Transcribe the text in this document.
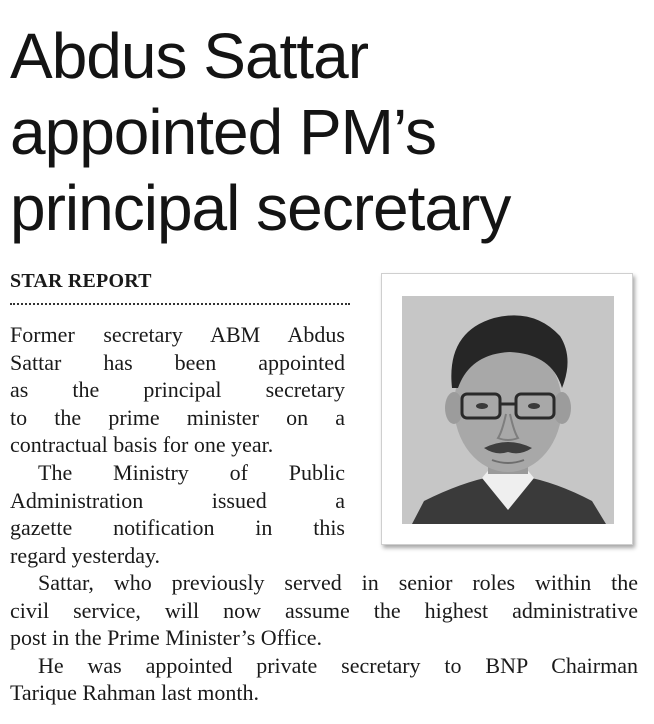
Abdus Sattar
appointed PM’s
principal secretary
STAR REPORT
Former secretary ABM Abdus
Sattar has been appointed
as the principal secretary
to the prime minister on a
contractual basis for one year.
The Ministry of Public
Administration issued a
gazette notification in this
regard yesterday.
Sattar, who previously served in senior roles within the
civil service, will now assume the highest administrative
post in the Prime Minister’s Office.
He was appointed private secretary to BNP Chairman
Tarique Rahman last month.
